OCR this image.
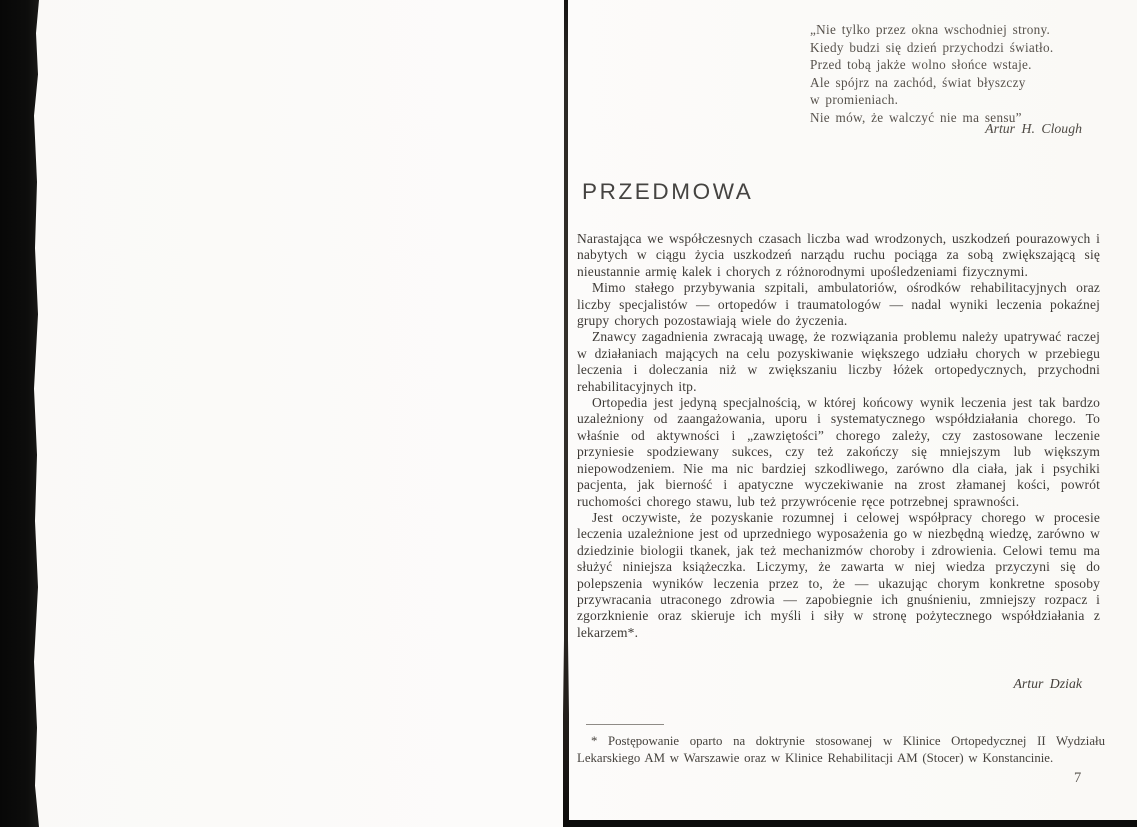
„Nie tylko przez okna wschodniej strony.
Kiedy budzi się dzień przychodzi światło.
Przed tobą jakże wolno słońce wstaje.
Ale spójrz na zachód, świat błyszczy
w promieniach.
Nie mów, że walczyć nie ma sensu”
Artur H. Clough
PRZEDMOWA

Narastająca we współczesnych czasach liczba wad wrodzonych, uszkodzeń pourazowych i nabytych w ciągu życia uszkodzeń narządu ruchu pociąga za sobą zwiększającą się nieustannie armię kalek i chorych z różnorodnymi upośledzeniami fizycznymi.

Mimo stałego przybywania szpitali, ambulatoriów, ośrodków rehabilitacyjnych oraz liczby specjalistów — ortopedów i traumatologów — nadal wyniki leczenia pokaźnej grupy chorych pozostawiają wiele do życzenia.

Znawcy zagadnienia zwracają uwagę, że rozwiązania problemu należy upatrywać raczej w działaniach mających na celu pozyskiwanie większego udziału chorych w przebiegu leczenia i doleczania niż w zwiększaniu liczby łóżek ortopedycznych, przychodni rehabilitacyjnych itp.

Ortopedia jest jedyną specjalnością, w której końcowy wynik leczenia jest tak bardzo uzależniony od zaangażowania, uporu i systematycznego współdziałania chorego. To właśnie od aktywności i „zawziętości” chorego zależy, czy zastosowane leczenie przyniesie spodziewany sukces, czy też zakończy się mniejszym lub większym niepowodzeniem. Nie ma nic bardziej szkodliwego, zarówno dla ciała, jak i psychiki pacjenta, jak bierność i apatyczne wyczekiwanie na zrost złamanej kości, powrót ruchomości chorego stawu, lub też przywrócenie ręce potrzebnej sprawności.

Jest oczywiste, że pozyskanie rozumnej i celowej współpracy chorego w procesie leczenia uzależnione jest od uprzedniego wyposażenia go w niezbędną wiedzę, zarówno w dziedzinie biologii tkanek, jak też mechanizmów choroby i zdrowienia. Celowi temu ma służyć niniejsza książeczka. Liczymy, że zawarta w niej wiedza przyczyni się do polepszenia wyników leczenia przez to, że — ukazując chorym konkretne sposoby przywracania utraconego zdrowia — zapobiegnie ich gnuśnieniu, zmniejszy rozpacz i zgorzknienie oraz skieruje ich myśli i siły w stronę pożytecznego współdziałania z lekarzem*.

Artur Dziak
* Postępowanie oparto na doktrynie stosowanej w Klinice Ortopedycznej II Wydziału Lekarskiego AM w Warszawie oraz w Klinice Rehabilitacji AM (Stocer) w Konstancinie.
7
